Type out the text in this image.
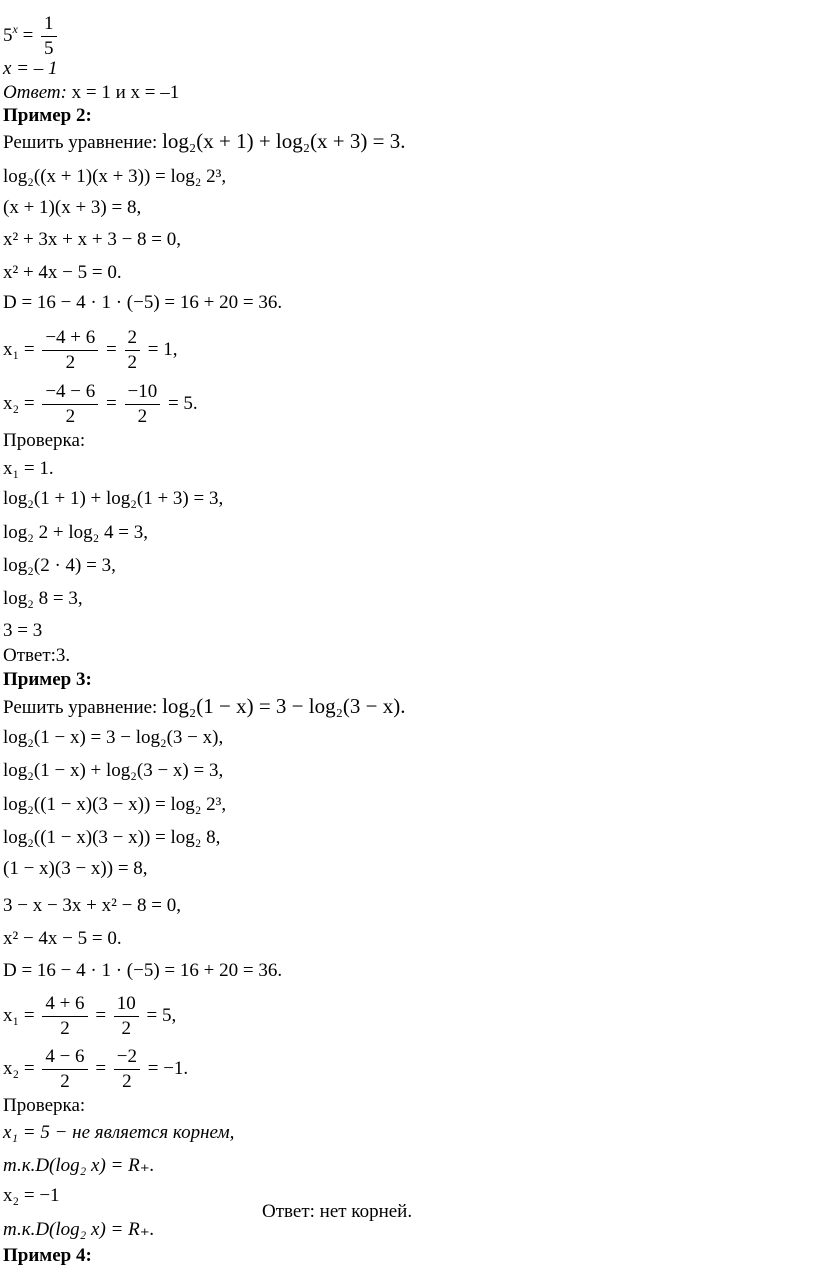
$5^x = \frac{1}{5}$
x = – 1
Ответ: x = 1 и x = –1
Пример 2:
Решить уравнение: log₂(x + 1) + log₂(x + 3) = 3.
log₂((x + 1)(x + 3)) = log₂ 2³,
(x + 1)(x + 3) = 8,
x² + 3x + x + 3 − 8 = 0,
x² + 4x − 5 = 0.
D = 16 − 4 · 1 · (−5) = 16 + 20 = 36.
$x_1 = \frac{-4 + 6}{2} = \frac{2}{2} = 1$,
$x_2 = \frac{-4 - 6}{2} = \frac{-10}{2} = 5$.
Проверка:
x₁ = 1.
log₂(1 + 1) + log₂(1 + 3) = 3,
log₂ 2 + log₂ 4 = 3,
log₂(2 · 4) = 3,
log₂ 8 = 3,
3 = 3
Ответ:3.
Пример 3:
Решить уравнение: log₂(1 − x) = 3 − log₂(3 − x).
log₂(1 − x) = 3 − log₂(3 − x),
log₂(1 − x) + log₂(3 − x) = 3,
log₂((1 − x)(3 − x)) = log₂ 2³,
log₂((1 − x)(3 − x)) = log₂ 8,
(1 − x)(3 − x)) = 8,
3 − x − 3x + x² − 8 = 0,
x² − 4x − 5 = 0.
D = 16 − 4 · 1 · (−5) = 16 + 20 = 36.
$x_1 = \frac{4 + 6}{2} = \frac{10}{2} = 5$,
$x_2 = \frac{4 - 6}{2} = \frac{-2}{2} = -1$.
Проверка:
x₁ = 5 − не является корнем,
т.к.D(log₂ x) = R₊.
x₂ = −1
т.к.D(log₂ x) = R₊.
Ответ: нет корней.
Пример 4:
